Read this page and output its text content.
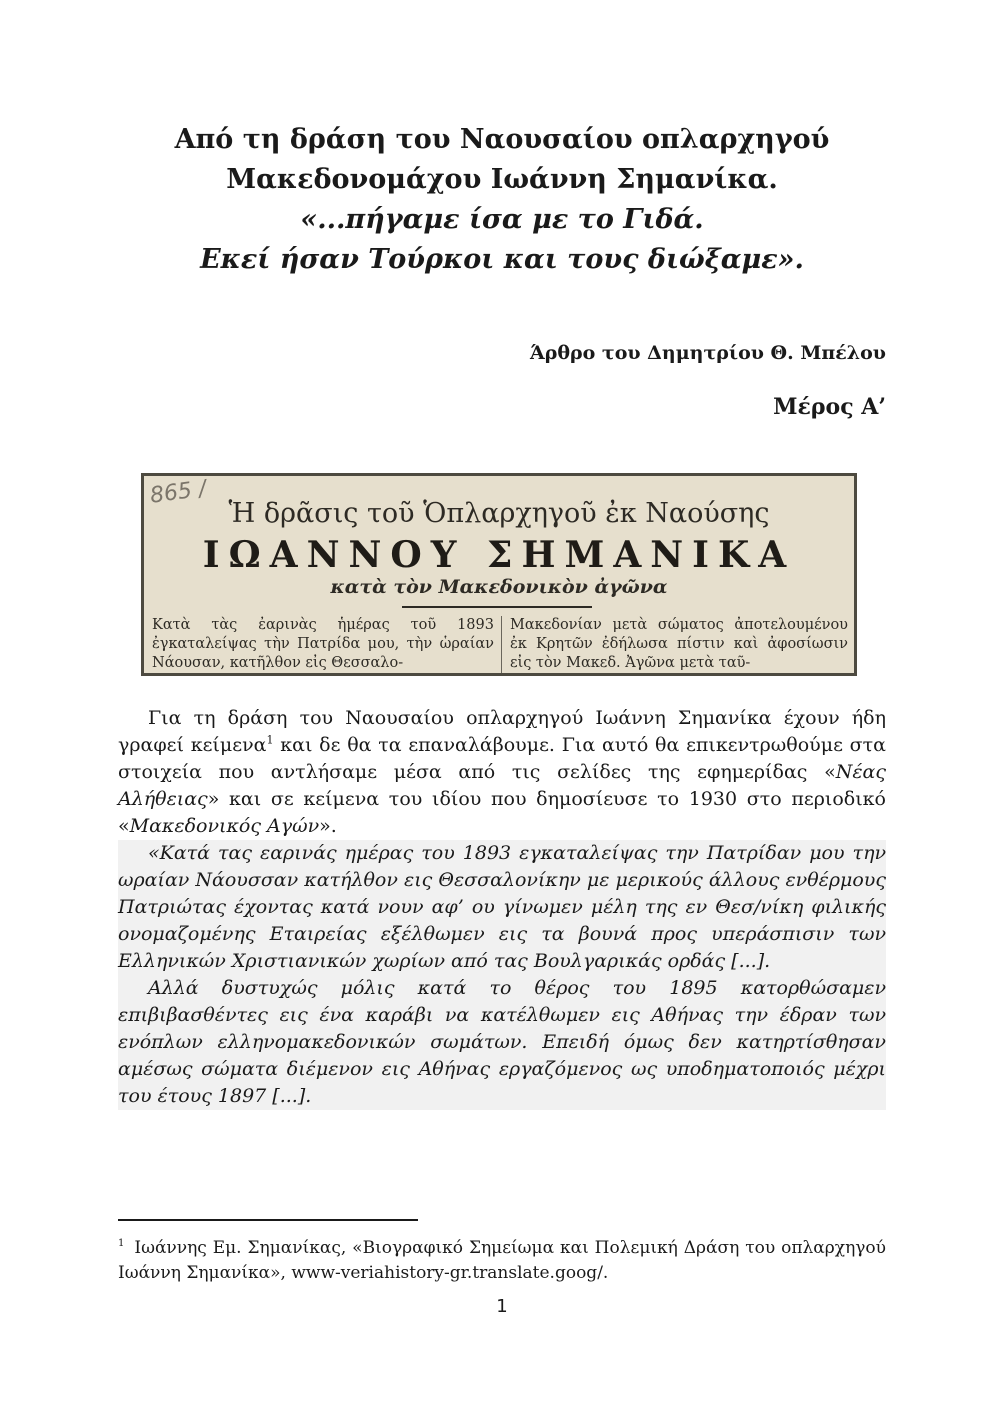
Από τη δράση του Ναουσαίου οπλαρχηγού
Μακεδονομάχου Ιωάννη Σημανίκα.
«...πήγαμε ίσα με το Γιδά.
Εκεί ήσαν Τούρκοι και τους διώξαμε».
Άρθρο του Δημητρίου Θ. Μπέλου
Μέρος Α’
865 /
Ἡ δρᾶσις τοῦ Ὁπλαρχηγοῦ ἐκ Ναούσης
ΙΩΑΝΝΟΥ ΣΗΜΑΝΙΚΑ
κατὰ τὸν Μακεδονικὸν ἀγῶνα
Κατὰ τὰς ἐαρινὰς ἡμέρας τοῦ 1893 ἐγκαταλείψας τὴν Πατρίδα μου, τὴν ὡραίαν Νάουσαν, κατῆλθον εἰς Θεσσαλο-
Μακεδονίαν μετὰ σώματος ἀποτελουμένου ἐκ Κρητῶν ἐδήλωσα πίστιν καὶ ἀφοσίωσιν εἰς τὸν Μακεδ. Ἀγῶνα μετὰ ταῦ-

Για τη δράση του Ναουσαίου οπλαρχηγού Ιωάννη Σημανίκα έχουν ήδη γραφεί κείμενα$^1$ και δε θα τα επαναλάβουμε. Για αυτό θα επικεντρωθούμε στα στοιχεία που αντλήσαμε μέσα από τις σελίδες της εφημερίδας «Νέας Αλήθειας» και σε κείμενα του ιδίου που δημοσίευσε το 1930 στο περιοδικό «Μακεδονικός Αγών».

«Κατά τας εαρινάς ημέρας του 1893 εγκαταλείψας την Πατρίδαν μου την ωραίαν Νάουσσαν κατήλθον εις Θεσσαλονίκην με μερικούς άλλους ενθέρμους Πατριώτας έχοντας κατά νουν αφ’ ου γίνωμεν μέλη της εν Θεσ/νίκη φιλικής ονομαζομένης Εταιρείας εξέλθωμεν εις τα βουνά προς υπεράσπισιν των Ελληνικών Χριστιανικών χωρίων από τας Βουλγαρικάς ορδάς [...].

Αλλά δυστυχώς μόλις κατά το θέρος του 1895 κατορθώσαμεν επιβιβασθέντες εις ένα καράβι να κατέλθωμεν εις Αθήνας την έδραν των ενόπλων ελληνομακεδονικών σωμάτων. Επειδή όμως δεν κατηρτίσθησαν αμέσως σώματα διέμενον εις Αθήνας εργαζόμενος ως υποδηματοποιός μέχρι του έτους 1897 [...].

$^1$ Ιωάννης Εμ. Σημανίκας, «Βιογραφικό Σημείωμα και Πολεμική Δράση του οπλαρχηγού Ιωάννη Σημανίκα», www-veriahistory-gr.translate.goog/.
1
